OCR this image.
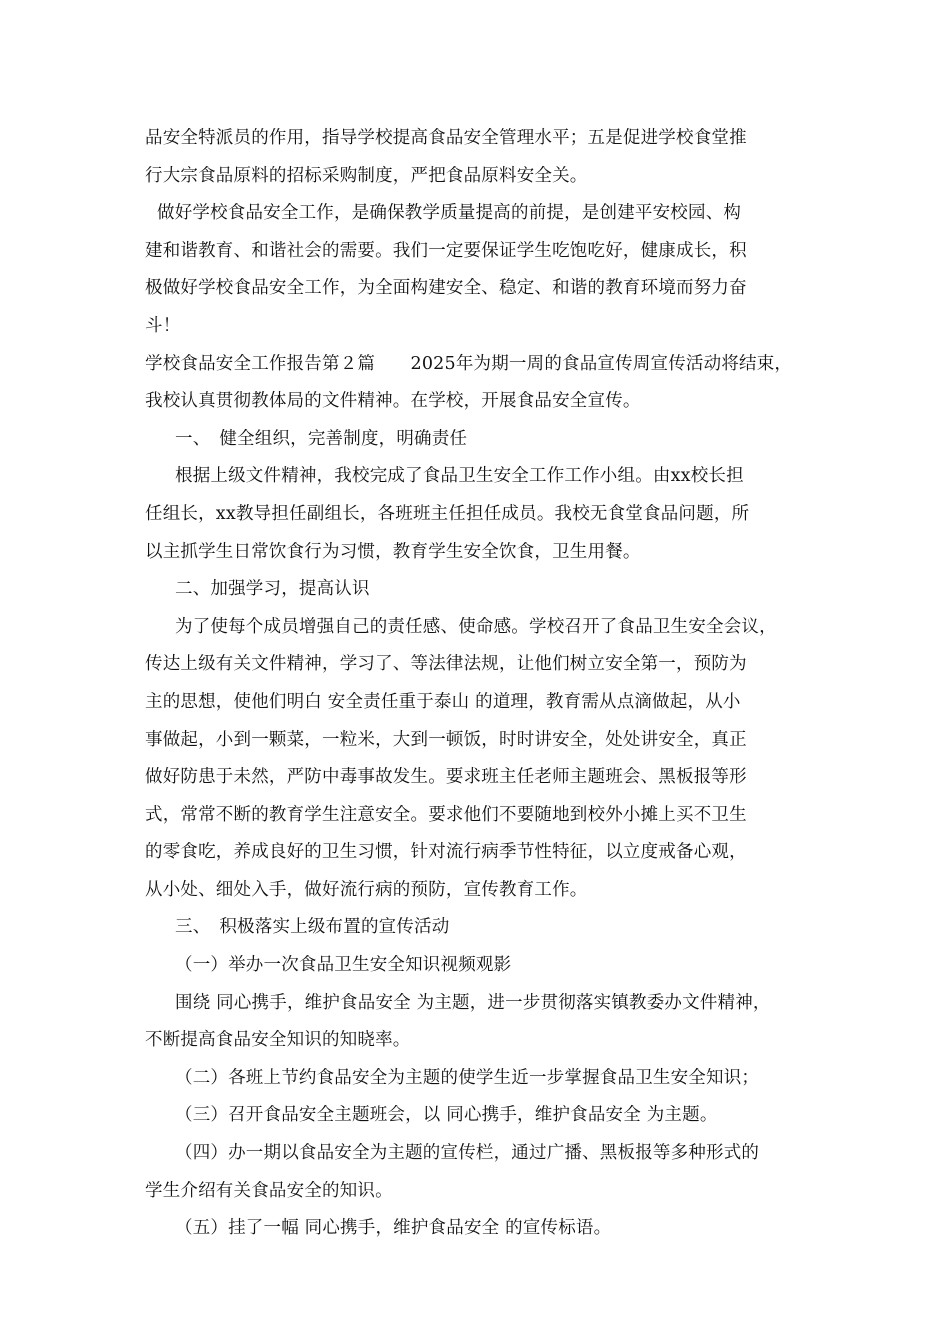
品安全特派员的作用，指导学校提高食品安全管理水平；五是促进学校食堂推
行大宗食品原料的招标采购制度，严把食品原料安全关。
做好学校食品安全工作，是确保教学质量提高的前提，是创建平安校园、构
建和谐教育、和谐社会的需要。我们一定要保证学生吃饱吃好，健康成长，积
极做好学校食品安全工作，为全面构建安全、稳定、和谐的教育环境而努力奋
斗！
学校食品安全工作报告第２篇　　2025年为期一周的食品宣传周宣传活动将结束，
我校认真贯彻教体局的文件精神。在学校，开展食品安全宣传。
一、　健全组织，完善制度，明确责任
根据上级文件精神，我校完成了食品卫生安全工作工作小组。由xx校长担
任组长，xx教导担任副组长，各班班主任担任成员。我校无食堂食品问题，所
以主抓学生日常饮食行为习惯，教育学生安全饮食，卫生用餐。
二、加强学习，提高认识
为了使每个成员增强自己的责任感、使命感。学校召开了食品卫生安全会议，
传达上级有关文件精神，学习了、等法律法规，让他们树立安全第一，预防为
主的思想，使他们明白 安全责任重于泰山 的道理，教育需从点滴做起，从小
事做起，小到一颗菜，一粒米，大到一顿饭，时时讲安全，处处讲安全，真正
做好防患于未然，严防中毒事故发生。要求班主任老师主题班会、黑板报等形
式，常常不断的教育学生注意安全。要求他们不要随地到校外小摊上买不卫生
的零食吃，养成良好的卫生习惯，针对流行病季节性特征，以立度戒备心观，
从小处、细处入手，做好流行病的预防，宣传教育工作。
三、　积极落实上级布置的宣传活动
（一）举办一次食品卫生安全知识视频观影
围绕 同心携手，维护食品安全 为主题，进一步贯彻落实镇教委办文件精神，
不断提高食品安全知识的知晓率。
（二）各班上节约食品安全为主题的使学生近一步掌握食品卫生安全知识；
（三）召开食品安全主题班会，以 同心携手，维护食品安全 为主题。
（四）办一期以食品安全为主题的宣传栏，通过广播、黑板报等多种形式的
学生介绍有关食品安全的知识。
（五）挂了一幅 同心携手，维护食品安全 的宣传标语。
